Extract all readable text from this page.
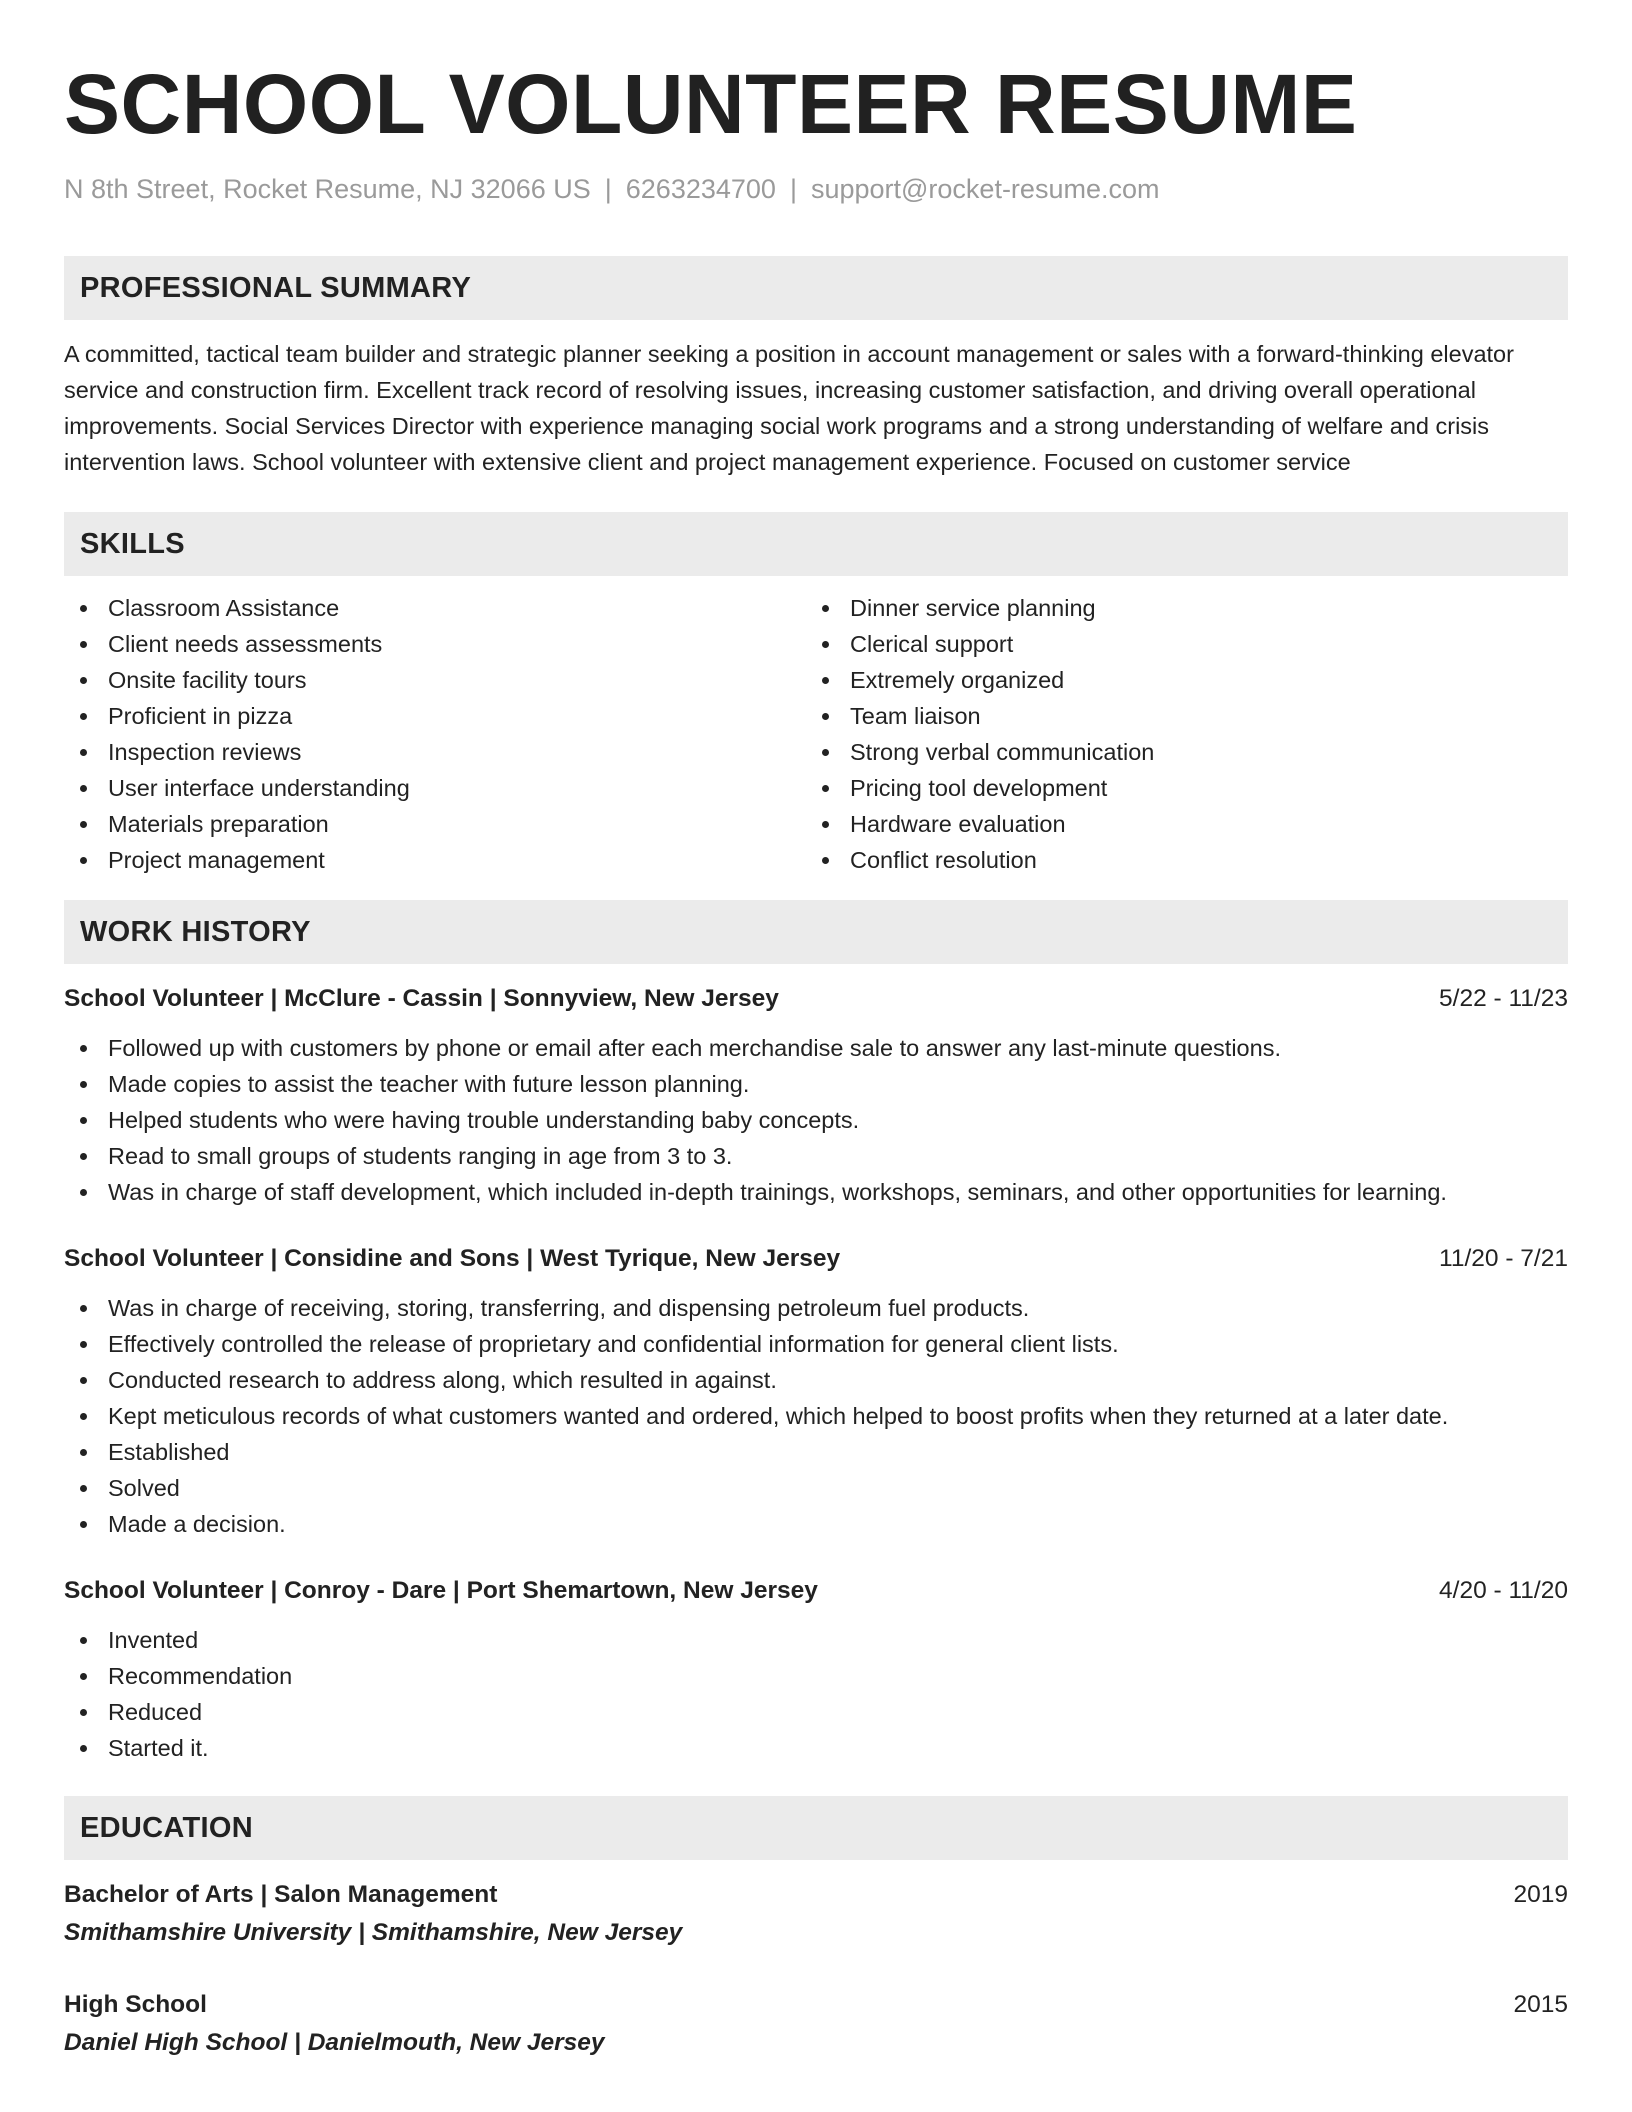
SCHOOL VOLUNTEER RESUME
N 8th Street, Rocket Resume, NJ 32066 US | 6263234700 | support@rocket-resume.com
PROFESSIONAL SUMMARY
A committed, tactical team builder and strategic planner seeking a position in account management or sales with a forward-thinking elevator service and construction firm. Excellent track record of resolving issues, increasing customer satisfaction, and driving overall operational improvements. Social Services Director with experience managing social work programs and a strong understanding of welfare and crisis intervention laws. School volunteer with extensive client and project management experience. Focused on customer service
SKILLS
Classroom Assistance
Client needs assessments
Onsite facility tours
Proficient in pizza
Inspection reviews
User interface understanding
Materials preparation
Project management
Dinner service planning
Clerical support
Extremely organized
Team liaison
Strong verbal communication
Pricing tool development
Hardware evaluation
Conflict resolution
WORK HISTORY
School Volunteer | McClure - Cassin | Sonnyview, New Jersey	5/22 - 11/23
Followed up with customers by phone or email after each merchandise sale to answer any last-minute questions.
Made copies to assist the teacher with future lesson planning.
Helped students who were having trouble understanding baby concepts.
Read to small groups of students ranging in age from 3 to 3.
Was in charge of staff development, which included in-depth trainings, workshops, seminars, and other opportunities for learning.
School Volunteer | Considine and Sons | West Tyrique, New Jersey	11/20 - 7/21
Was in charge of receiving, storing, transferring, and dispensing petroleum fuel products.
Effectively controlled the release of proprietary and confidential information for general client lists.
Conducted research to address along, which resulted in against.
Kept meticulous records of what customers wanted and ordered, which helped to boost profits when they returned at a later date.
Established
Solved
Made a decision.
School Volunteer | Conroy - Dare | Port Shemartown, New Jersey	4/20 - 11/20
Invented
Recommendation
Reduced
Started it.
EDUCATION
Bachelor of Arts | Salon Management	2019
Smithamshire University | Smithamshire, New Jersey
High School	2015
Daniel High School | Danielmouth, New Jersey
